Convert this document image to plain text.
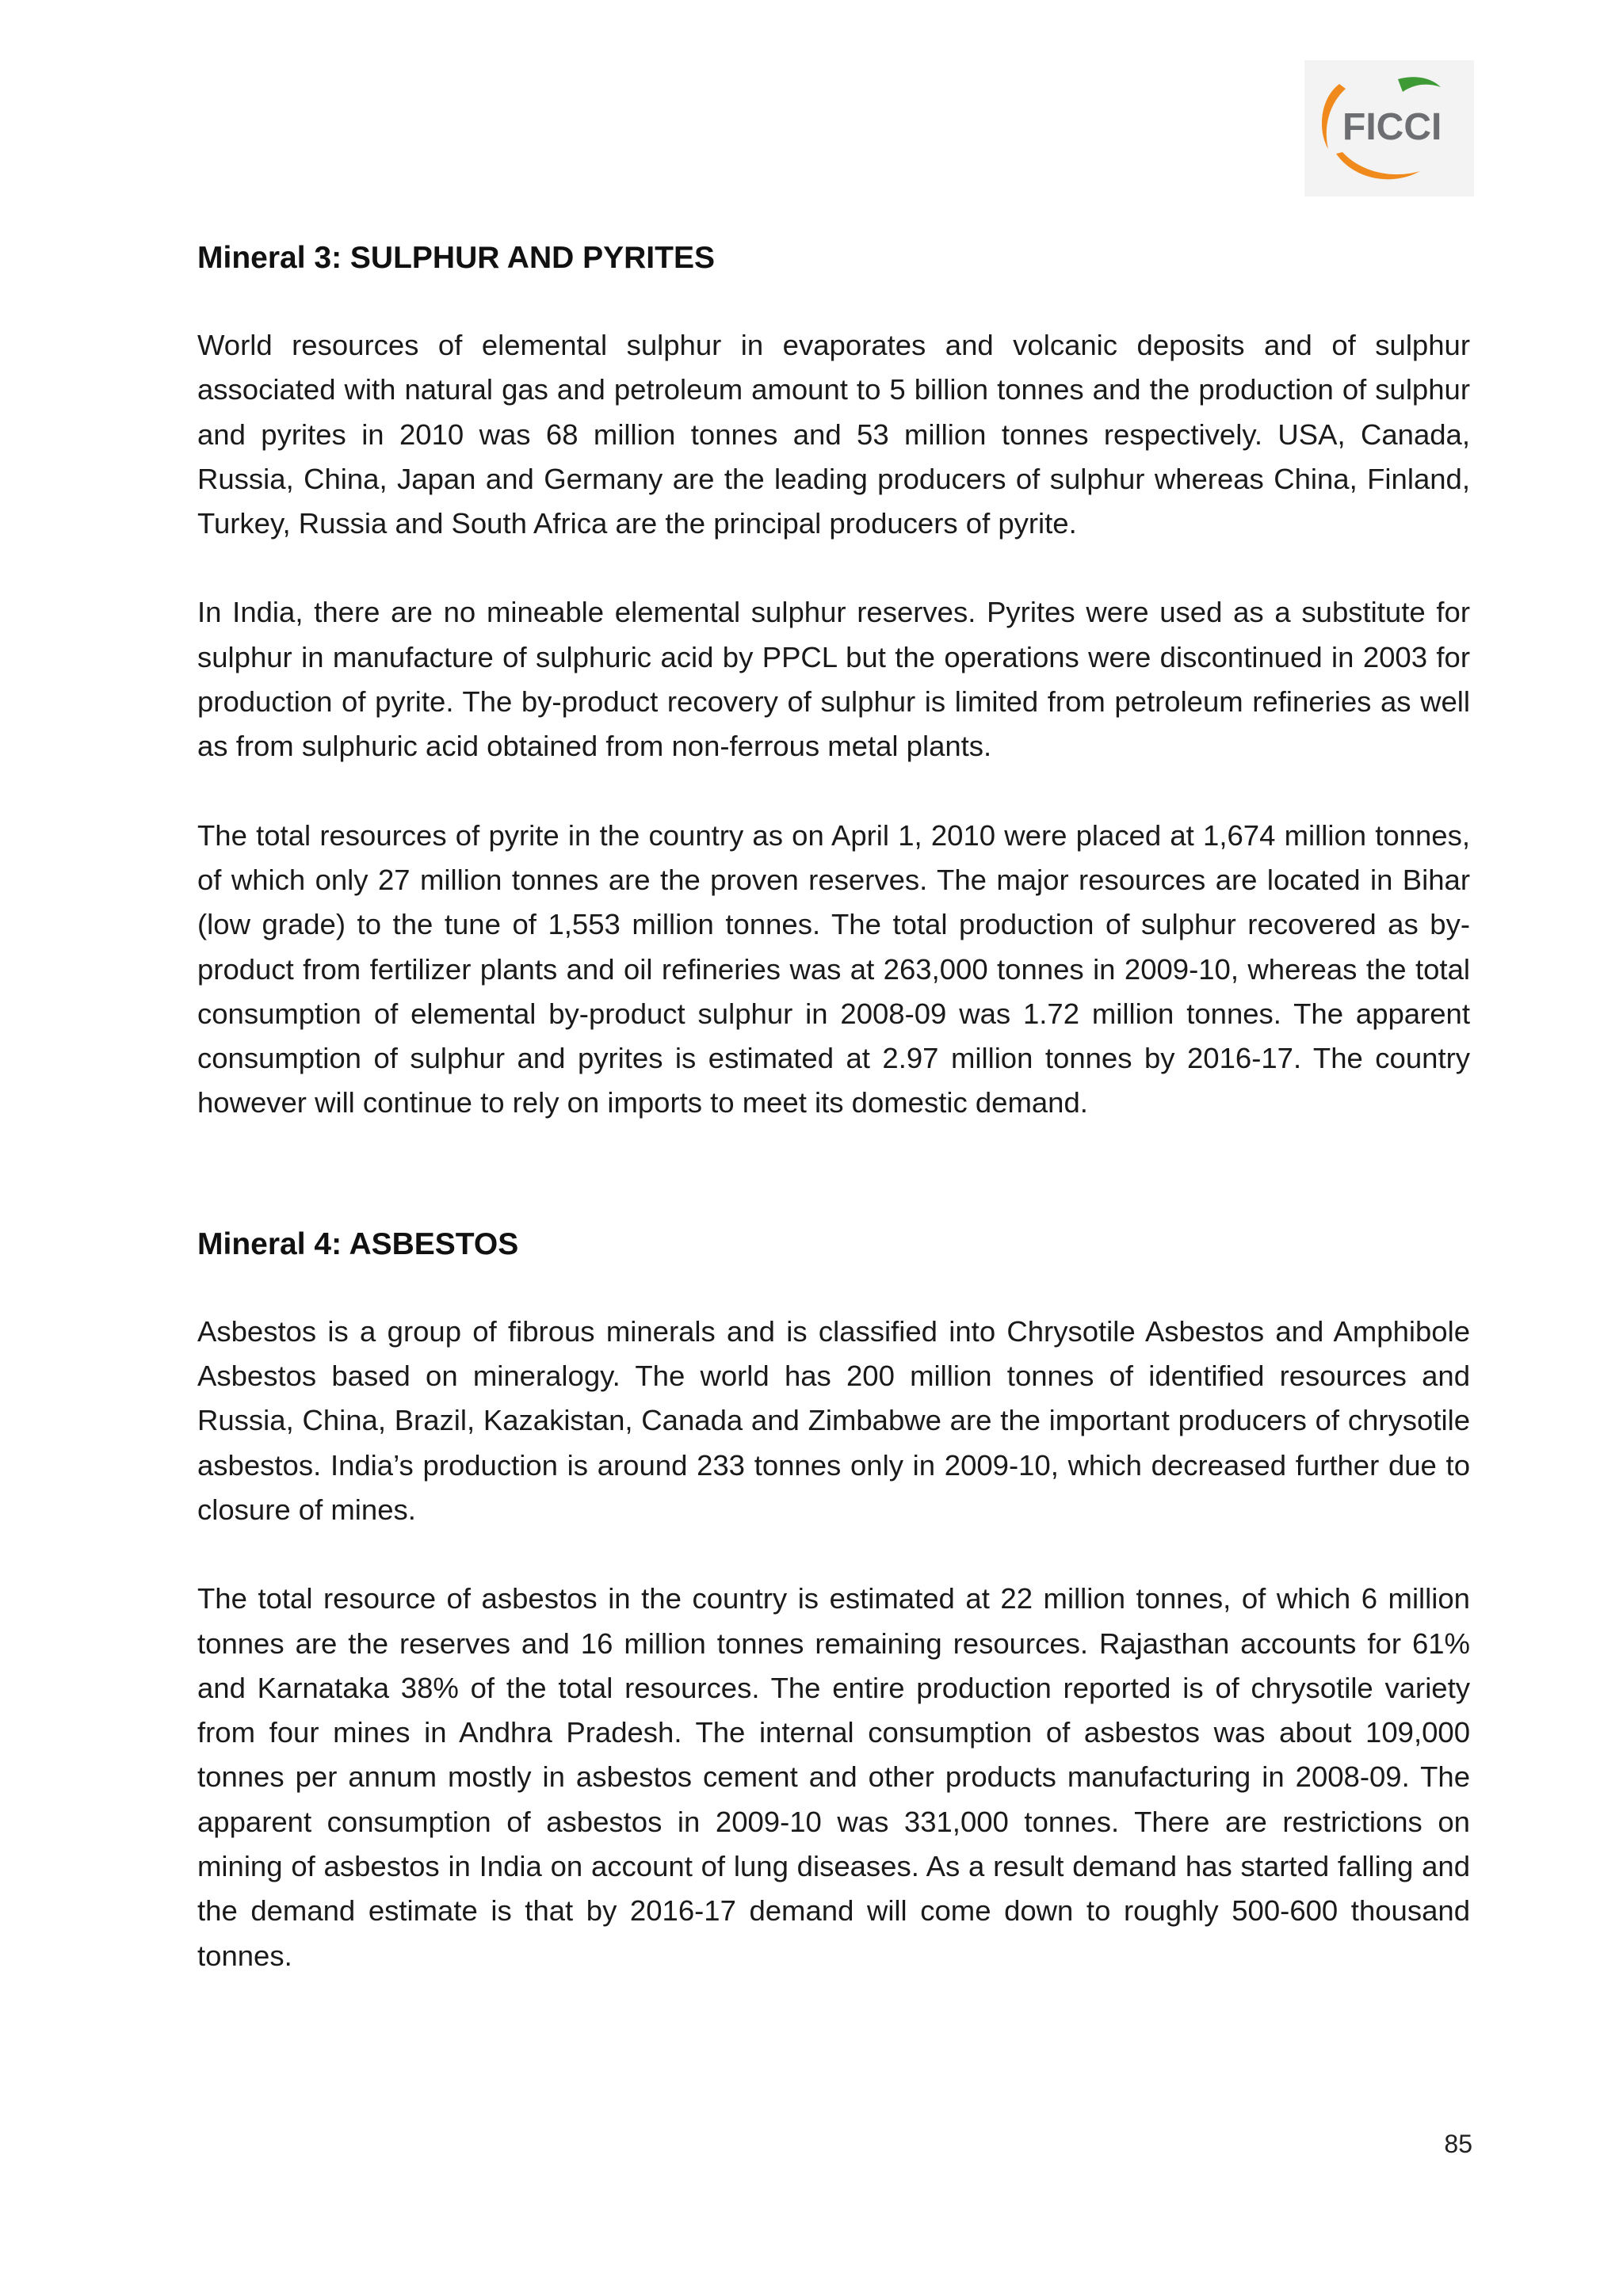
FICCI
Mineral 3: SULPHUR AND PYRITES

World resources of elemental sulphur in evaporates and volcanic deposits and of sulphur associated with natural gas and petroleum amount to 5 billion tonnes and the production of sulphur and pyrites in 2010 was 68 million tonnes and 53 million tonnes respectively. USA, Canada, Russia, China, Japan and Germany are the leading producers of sulphur whereas China, Finland, Turkey, Russia and South Africa are the principal producers of pyrite.

In India, there are no mineable elemental sulphur reserves. Pyrites were used as a substitute for sulphur in manufacture of sulphuric acid by PPCL but the operations were discontinued in 2003 for production of pyrite. The by-product recovery of sulphur is limited from petroleum refineries as well as from sulphuric acid obtained from non-ferrous metal plants.

The total resources of pyrite in the country as on April 1, 2010 were placed at 1,674 million tonnes, of which only 27 million tonnes are the proven reserves. The major resources are located in Bihar (low grade) to the tune of 1,553 million tonnes. The total production of sulphur recovered as by-product from fertilizer plants and oil refineries was at 263,000 tonnes in 2009-10, whereas the total consumption of elemental by-product sulphur in 2008-09 was 1.72 million tonnes. The apparent consumption of sulphur and pyrites is estimated at 2.97 million tonnes by 2016-17. The country however will continue to rely on imports to meet its domestic demand.

Mineral 4: ASBESTOS

Asbestos is a group of fibrous minerals and is classified into Chrysotile Asbestos and Amphibole Asbestos based on mineralogy. The world has 200 million tonnes of identified resources and Russia, China, Brazil, Kazakistan, Canada and Zimbabwe are the important producers of chrysotile asbestos. India’s production is around 233 tonnes only in 2009-10, which decreased further due to closure of mines.

The total resource of asbestos in the country is estimated at 22 million tonnes, of which 6 million tonnes are the reserves and 16 million tonnes remaining resources. Rajasthan accounts for 61% and Karnataka 38% of the total resources. The entire production reported is of chrysotile variety from four mines in Andhra Pradesh. The internal consumption of asbestos was about 109,000 tonnes per annum mostly in asbestos cement and other products manufacturing in 2008-09. The apparent consumption of asbestos in 2009-10 was 331,000 tonnes. There are restrictions on mining of asbestos in India on account of lung diseases. As a result demand has started falling and the demand estimate is that by 2016-17 demand will come down to roughly 500-600 thousand tonnes.

85
